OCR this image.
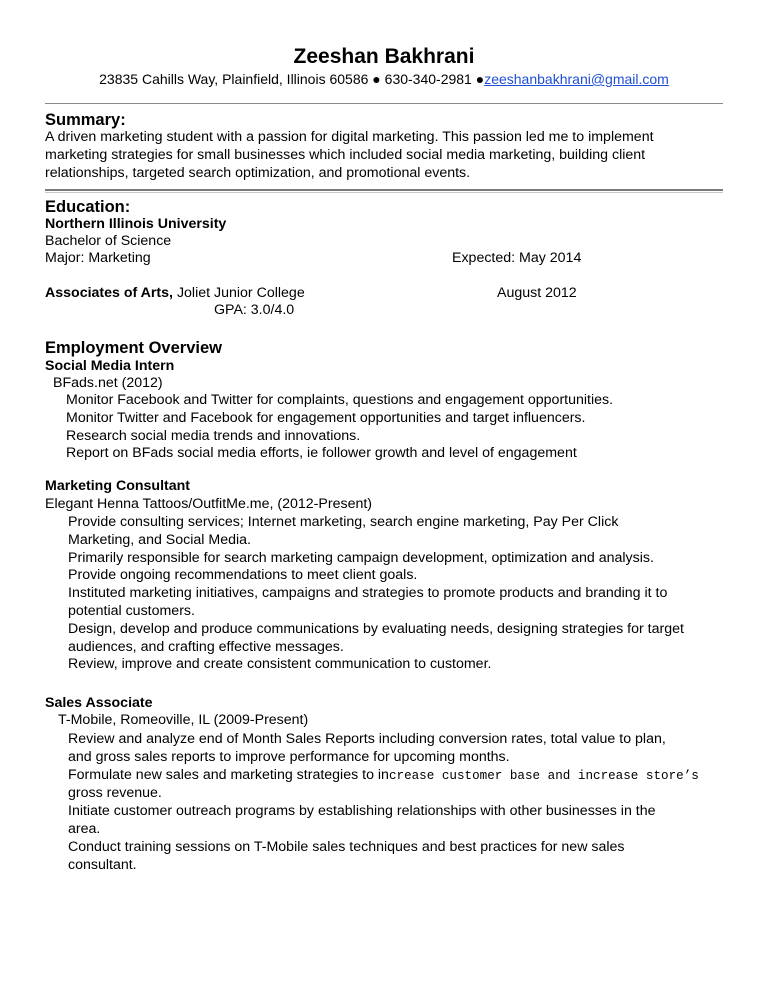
Zeeshan Bakhrani
23835 Cahills Way, Plainfield, Illinois 60586 ● 630-340-2981 ●zeeshanbakhrani@gmail.com
Summary:
A driven marketing student with a passion for digital marketing. This passion led me to implement
marketing strategies for small businesses which included social media marketing, building client
relationships, targeted search optimization, and promotional events.
Education:
Northern Illinois University
Bachelor of Science
Major: Marketing	Expected: May 2014
Associates of Arts, Joliet Junior College	August 2012
GPA: 3.0/4.0
Employment Overview
Social Media Intern
BFads.net (2012)
Monitor Facebook and Twitter for complaints, questions and engagement opportunities.
Monitor Twitter and Facebook for engagement opportunities and target influencers.
Research social media trends and innovations.
Report on BFads social media efforts, ie follower growth and level of engagement
Marketing Consultant
Elegant Henna Tattoos/OutfitMe.me, (2012-Present)
Provide consulting services; Internet marketing, search engine marketing, Pay Per Click
Marketing, and Social Media.
Primarily responsible for search marketing campaign development, optimization and analysis.
Provide ongoing recommendations to meet client goals.
Instituted marketing initiatives, campaigns and strategies to promote products and branding it to
potential customers.
Design, develop and produce communications by evaluating needs, designing strategies for target
audiences, and crafting effective messages.
Review, improve and create consistent communication to customer.
Sales Associate
T-Mobile, Romeoville, IL (2009-Present)
Review and analyze end of Month Sales Reports including conversion rates, total value to plan,
and gross sales reports to improve performance for upcoming months.
Formulate new sales and marketing strategies to increase customer base and increase store’s
gross revenue.
Initiate customer outreach programs by establishing relationships with other businesses in the
area.
Conduct training sessions on T-Mobile sales techniques and best practices for new sales
consultant.
